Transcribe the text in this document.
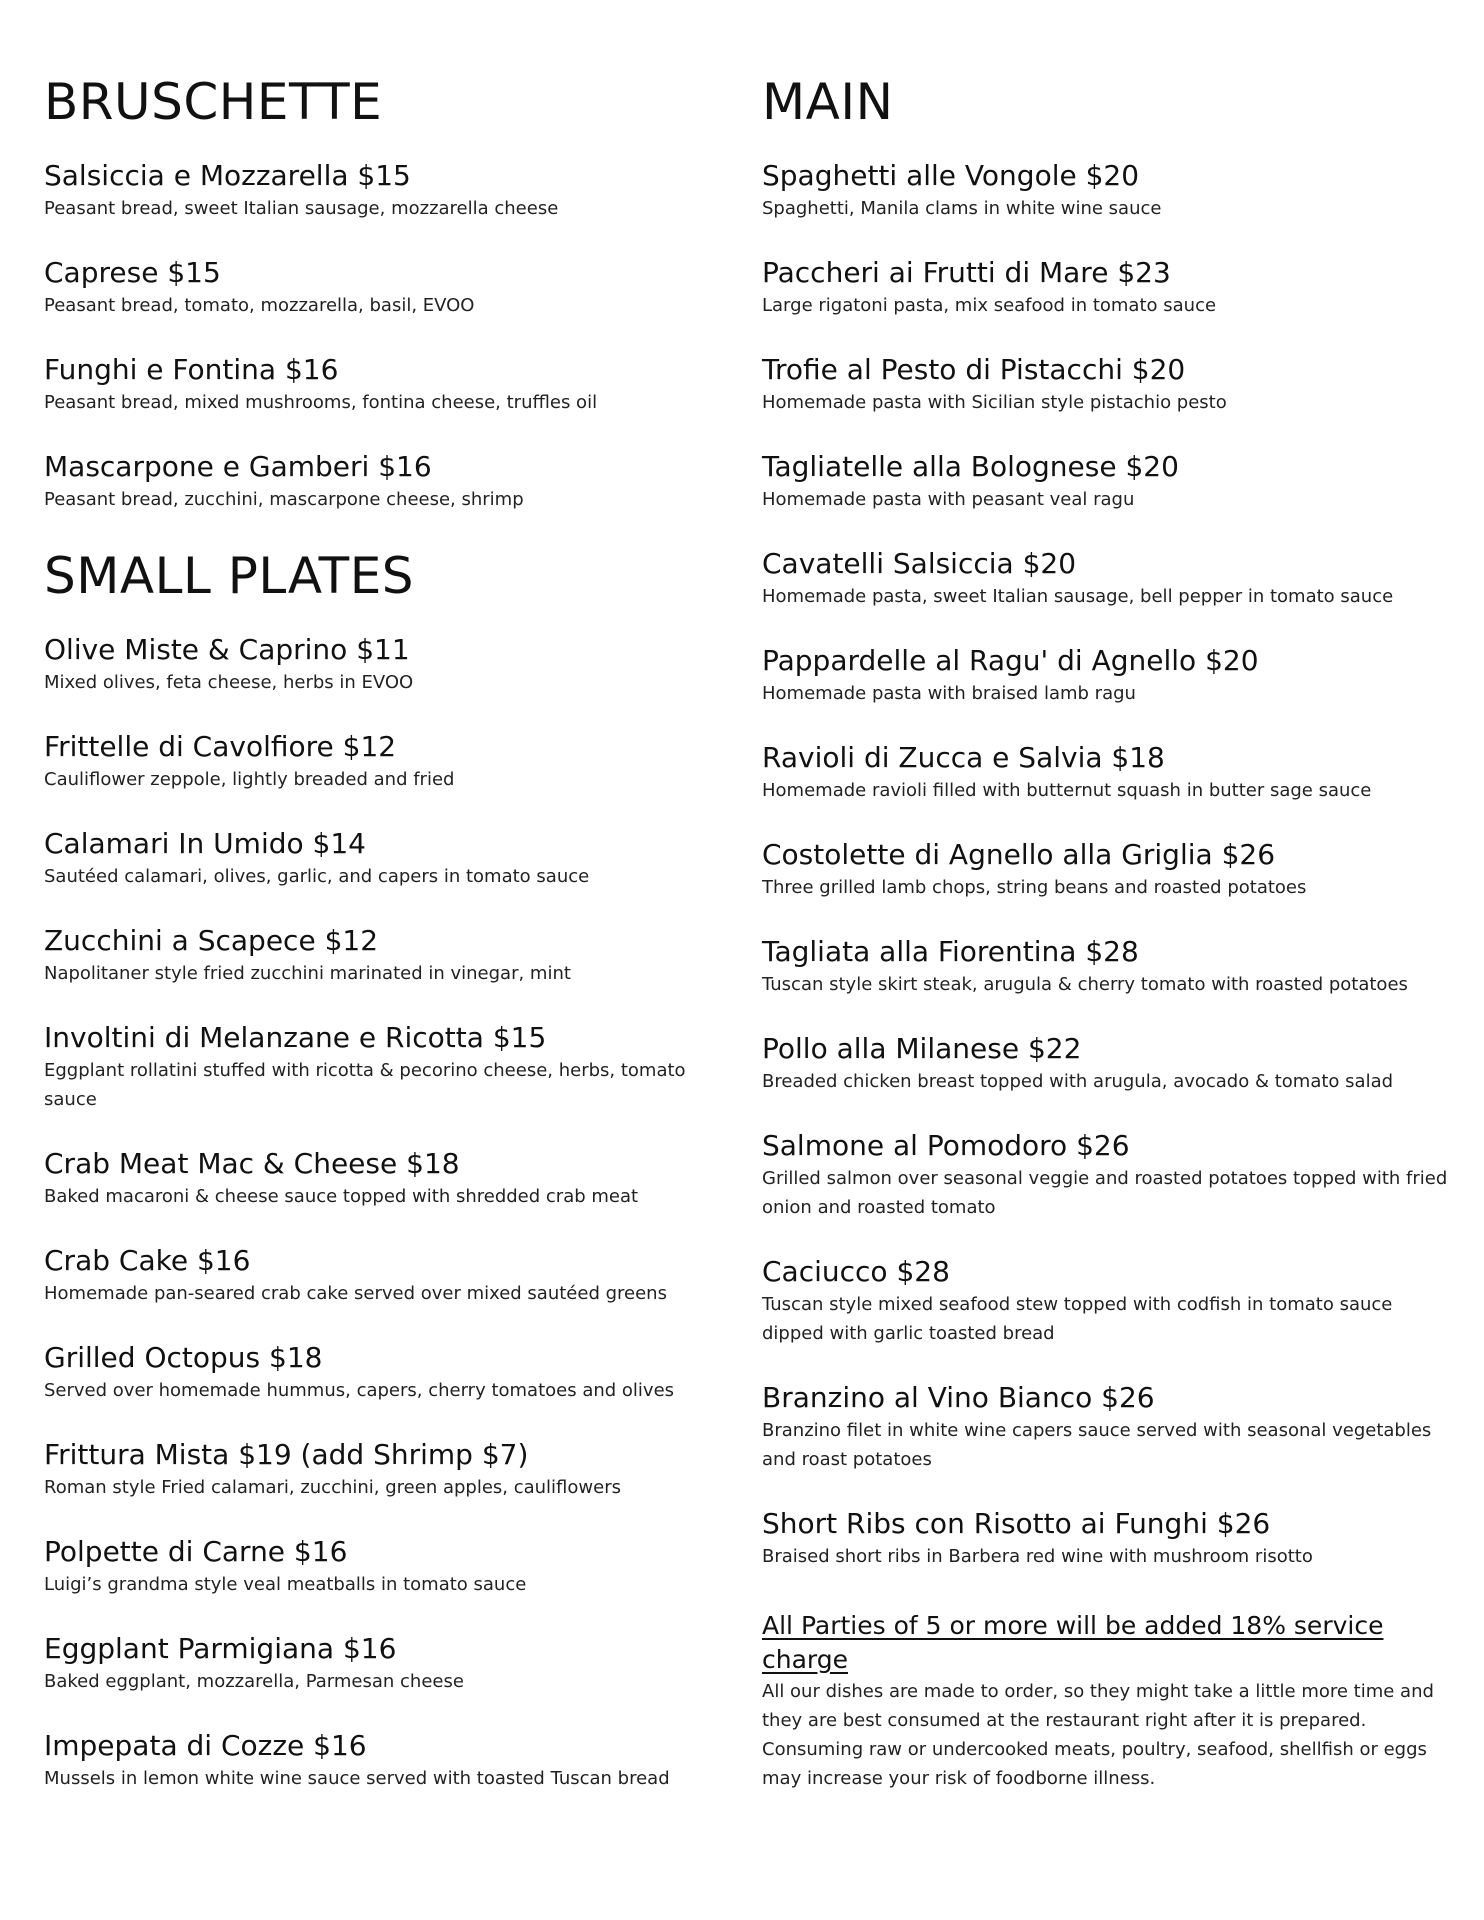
BRUSCHETTE
Salsiccia e Mozzarella $15
Peasant bread, sweet Italian sausage, mozzarella cheese
Caprese $15
Peasant bread, tomato, mozzarella, basil, EVOO
Funghi e Fontina $16
Peasant bread, mixed mushrooms, fontina cheese, truffles oil
Mascarpone e Gamberi $16
Peasant bread, zucchini, mascarpone cheese, shrimp
SMALL PLATES
Olive Miste & Caprino $11
Mixed olives, feta cheese, herbs in EVOO
Frittelle di Cavolfiore $12
Cauliflower zeppole, lightly breaded and fried
Calamari In Umido $14
Sautéed calamari, olives, garlic, and capers in tomato sauce
Zucchini a Scapece $12
Napolitaner style fried zucchini marinated in vinegar, mint
Involtini di Melanzane e Ricotta $15
Eggplant rollatini stuffed with ricotta & pecorino cheese, herbs, tomato sauce
Crab Meat Mac & Cheese $18
Baked macaroni & cheese sauce topped with shredded crab meat
Crab Cake $16
Homemade pan-seared crab cake served over mixed sautéed greens
Grilled Octopus $18
Served over homemade hummus, capers, cherry tomatoes and olives
Frittura Mista $19 (add Shrimp $7)
Roman style Fried calamari, zucchini, green apples, cauliflowers
Polpette di Carne $16
Luigi’s grandma style veal meatballs in tomato sauce
Eggplant Parmigiana $16
Baked eggplant, mozzarella, Parmesan cheese
Impepata di Cozze $16
Mussels in lemon white wine sauce served with toasted Tuscan bread
MAIN
Spaghetti alle Vongole $20
Spaghetti, Manila clams in white wine sauce
Paccheri ai Frutti di Mare $23
Large rigatoni pasta, mix seafood in tomato sauce
Trofie al Pesto di Pistacchi $20
Homemade pasta with Sicilian style pistachio pesto
Tagliatelle alla Bolognese $20
Homemade pasta with peasant veal ragu
Cavatelli Salsiccia $20
Homemade pasta, sweet Italian sausage, bell pepper in tomato sauce
Pappardelle al Ragu' di Agnello $20
Homemade pasta with braised lamb ragu
Ravioli di Zucca e Salvia $18
Homemade ravioli filled with butternut squash in butter sage sauce
Costolette di Agnello alla Griglia $26
Three grilled lamb chops, string beans and roasted potatoes
Tagliata alla Fiorentina $28
Tuscan style skirt steak, arugula & cherry tomato with roasted potatoes
Pollo alla Milanese $22
Breaded chicken breast topped with arugula, avocado & tomato salad
Salmone al Pomodoro $26
Grilled salmon over seasonal veggie and roasted potatoes topped with fried onion and roasted tomato
Caciucco $28
Tuscan style mixed seafood stew topped with codfish in tomato sauce dipped with garlic toasted bread
Branzino al Vino Bianco $26
Branzino filet in white wine capers sauce served with seasonal vegetables and roast potatoes
Short Ribs con Risotto ai Funghi $26
Braised short ribs in Barbera red wine with mushroom risotto
All Parties of 5 or more will be added 18% service charge
All our dishes are made to order, so they might take a little more time and they are best consumed at the restaurant right after it is prepared. Consuming raw or undercooked meats, poultry, seafood, shellfish or eggs may increase your risk of foodborne illness.
